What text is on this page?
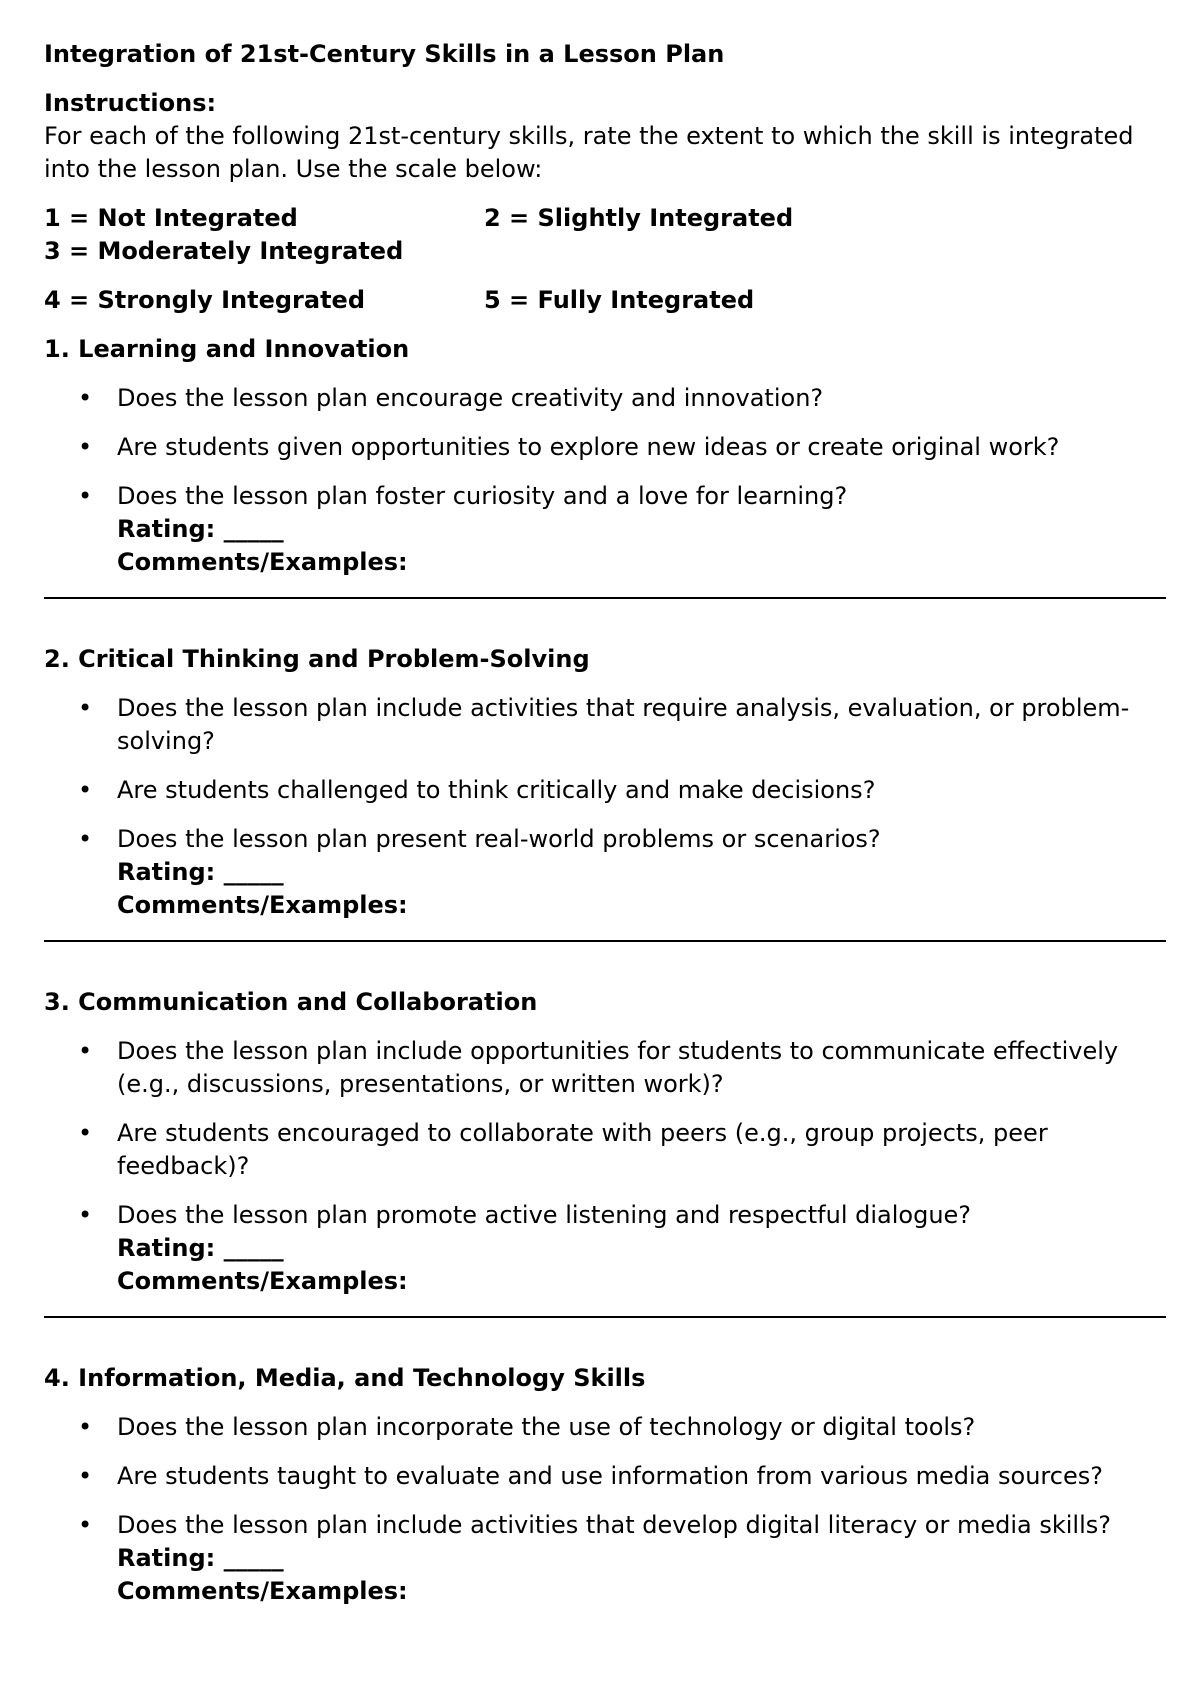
Integration of 21st-Century Skills in a Lesson Plan
Instructions:
For each of the following 21st-century skills, rate the extent to which the skill is integrated into the lesson plan. Use the scale below:
1 = Not Integrated	2 = Slightly Integrated3 = Moderately Integrated
4 = Strongly Integrated	5 = Fully Integrated
1. Learning and Innovation
• Does the lesson plan encourage creativity and innovation?
• Are students given opportunities to explore new ideas or create original work?
• Does the lesson plan foster curiosity and a love for learning?
Rating: _____
Comments/Examples:
2. Critical Thinking and Problem-Solving
• Does the lesson plan include activities that require analysis, evaluation, or problem-solving?
• Are students challenged to think critically and make decisions?
• Does the lesson plan present real-world problems or scenarios?
Rating: _____
Comments/Examples:
3. Communication and Collaboration
• Does the lesson plan include opportunities for students to communicate effectively (e.g., discussions, presentations, or written work)?
• Are students encouraged to collaborate with peers (e.g., group projects, peer feedback)?
• Does the lesson plan promote active listening and respectful dialogue?
Rating: _____
Comments/Examples:
4. Information, Media, and Technology Skills
• Does the lesson plan incorporate the use of technology or digital tools?
• Are students taught to evaluate and use information from various media sources?
• Does the lesson plan include activities that develop digital literacy or media skills?
Rating: _____
Comments/Examples:
